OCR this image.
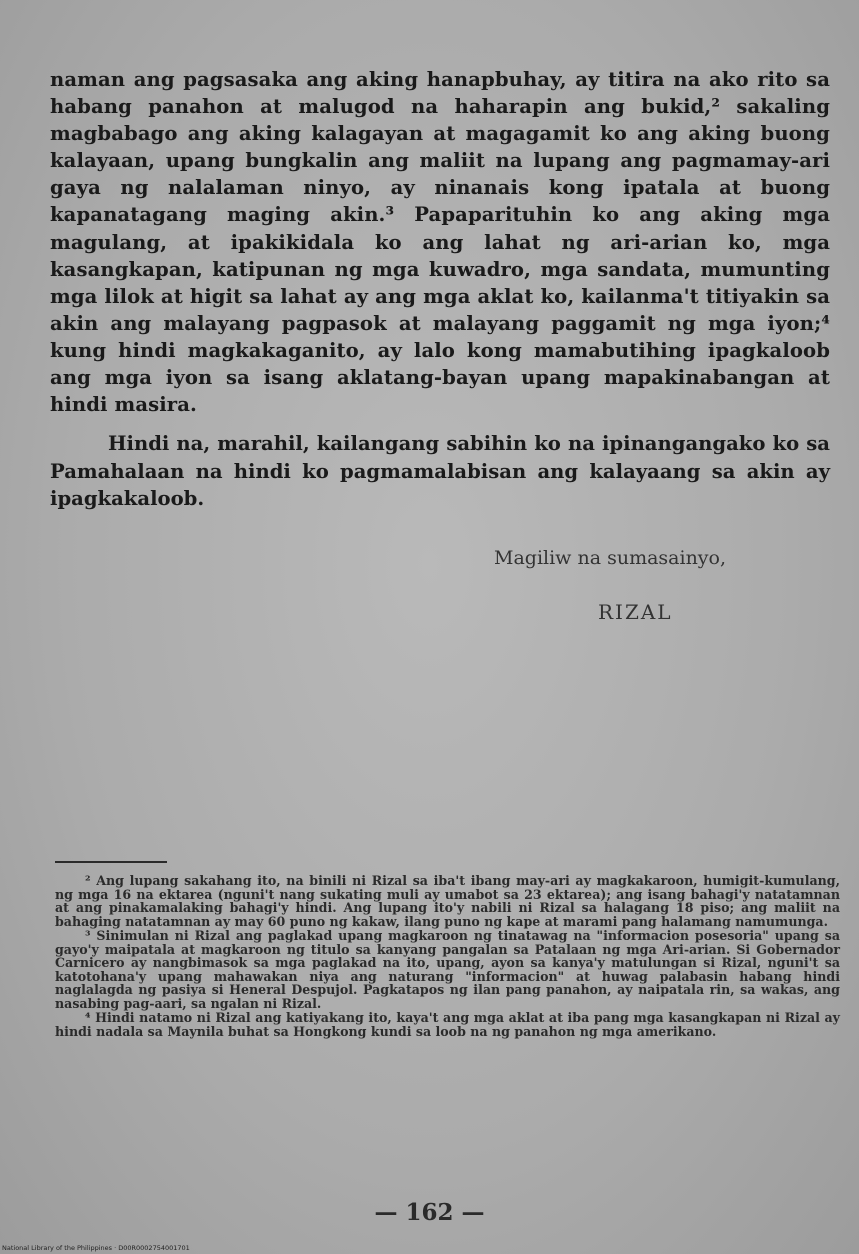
naman ang pagsasaka ang aking hanapbuhay, ay titira na ako rito sa habang panahon at malugod na haharapin ang bukid,² sakaling magbabago ang aking kalagayan at magagamit ko ang aking buong kalayaan, upang bungkalin ang maliit na lupang ang pagmamay-ari gaya ng nalalaman ninyo, ay ninanais kong ipatala at buong kapanatagang maging akin.³ Papaparituhin ko ang aking mga magulang, at ipakikidala ko ang lahat ng ari-arian ko, mga kasangkapan, katipunan ng mga kuwadro, mga sandata, mumunting mga lilok at higit sa lahat ay ang mga aklat ko, kailanma't titiyakin sa akin ang malayang pagpasok at malayang paggamit ng mga iyon;⁴ kung hindi magkakaganito, ay lalo kong mamabutihing ipagkaloob ang mga iyon sa isang aklatang-bayan upang mapakinabangan at hindi masira.
Hindi na, marahil, kailangang sabihin ko na ipinangangako ko sa Pamahalaan na hindi ko pagmamalabisan ang kalayaang sa akin ay ipagkakaloob.
Magiliw na sumasainyo,
RIZAL

² Ang lupang sakahang ito, na binili ni Rizal sa iba't ibang may-ari ay magkakaroon, humigit-kumulang, ng mga 16 na ektarea (nguni't nang sukating muli ay umabot sa 23 ektarea); ang isang bahagi'y natatamnan at ang pinakamalaking bahagi'y hindi. Ang lupang ito'y nabili ni Rizal sa halagang 18 piso; ang maliit na bahaging natatamnan ay may 60 puno ng kakaw, ilang puno ng kape at marami pang halamang namumunga.

³ Sinimulan ni Rizal ang paglakad upang magkaroon ng tinatawag na "informacion posesoria" upang sa gayo'y maipatala at magkaroon ng titulo sa kanyang pangalan sa Patalaan ng mga Ari-arian. Si Gobernador Carnicero ay nangbimasok sa mga paglakad na ito, upang, ayon sa kanya'y matulungan si Rizal, nguni't sa katotohana'y upang mahawakan niya ang naturang "informacion" at huwag palabasin habang hindi naglalagda ng pasiya si Heneral Despujol. Pagkatapos ng ilan pang panahon, ay naipatala rin, sa wakas, ang nasabing pag-aari, sa ngalan ni Rizal.

⁴ Hindi natamo ni Rizal ang katiyakang ito, kaya't ang mga aklat at iba pang mga kasangkapan ni Rizal ay hindi nadala sa Maynila buhat sa Hongkong kundi sa loob na ng panahon ng mga amerikano.

— 162 —
National Library of the Philippines · D00R0002754001701
